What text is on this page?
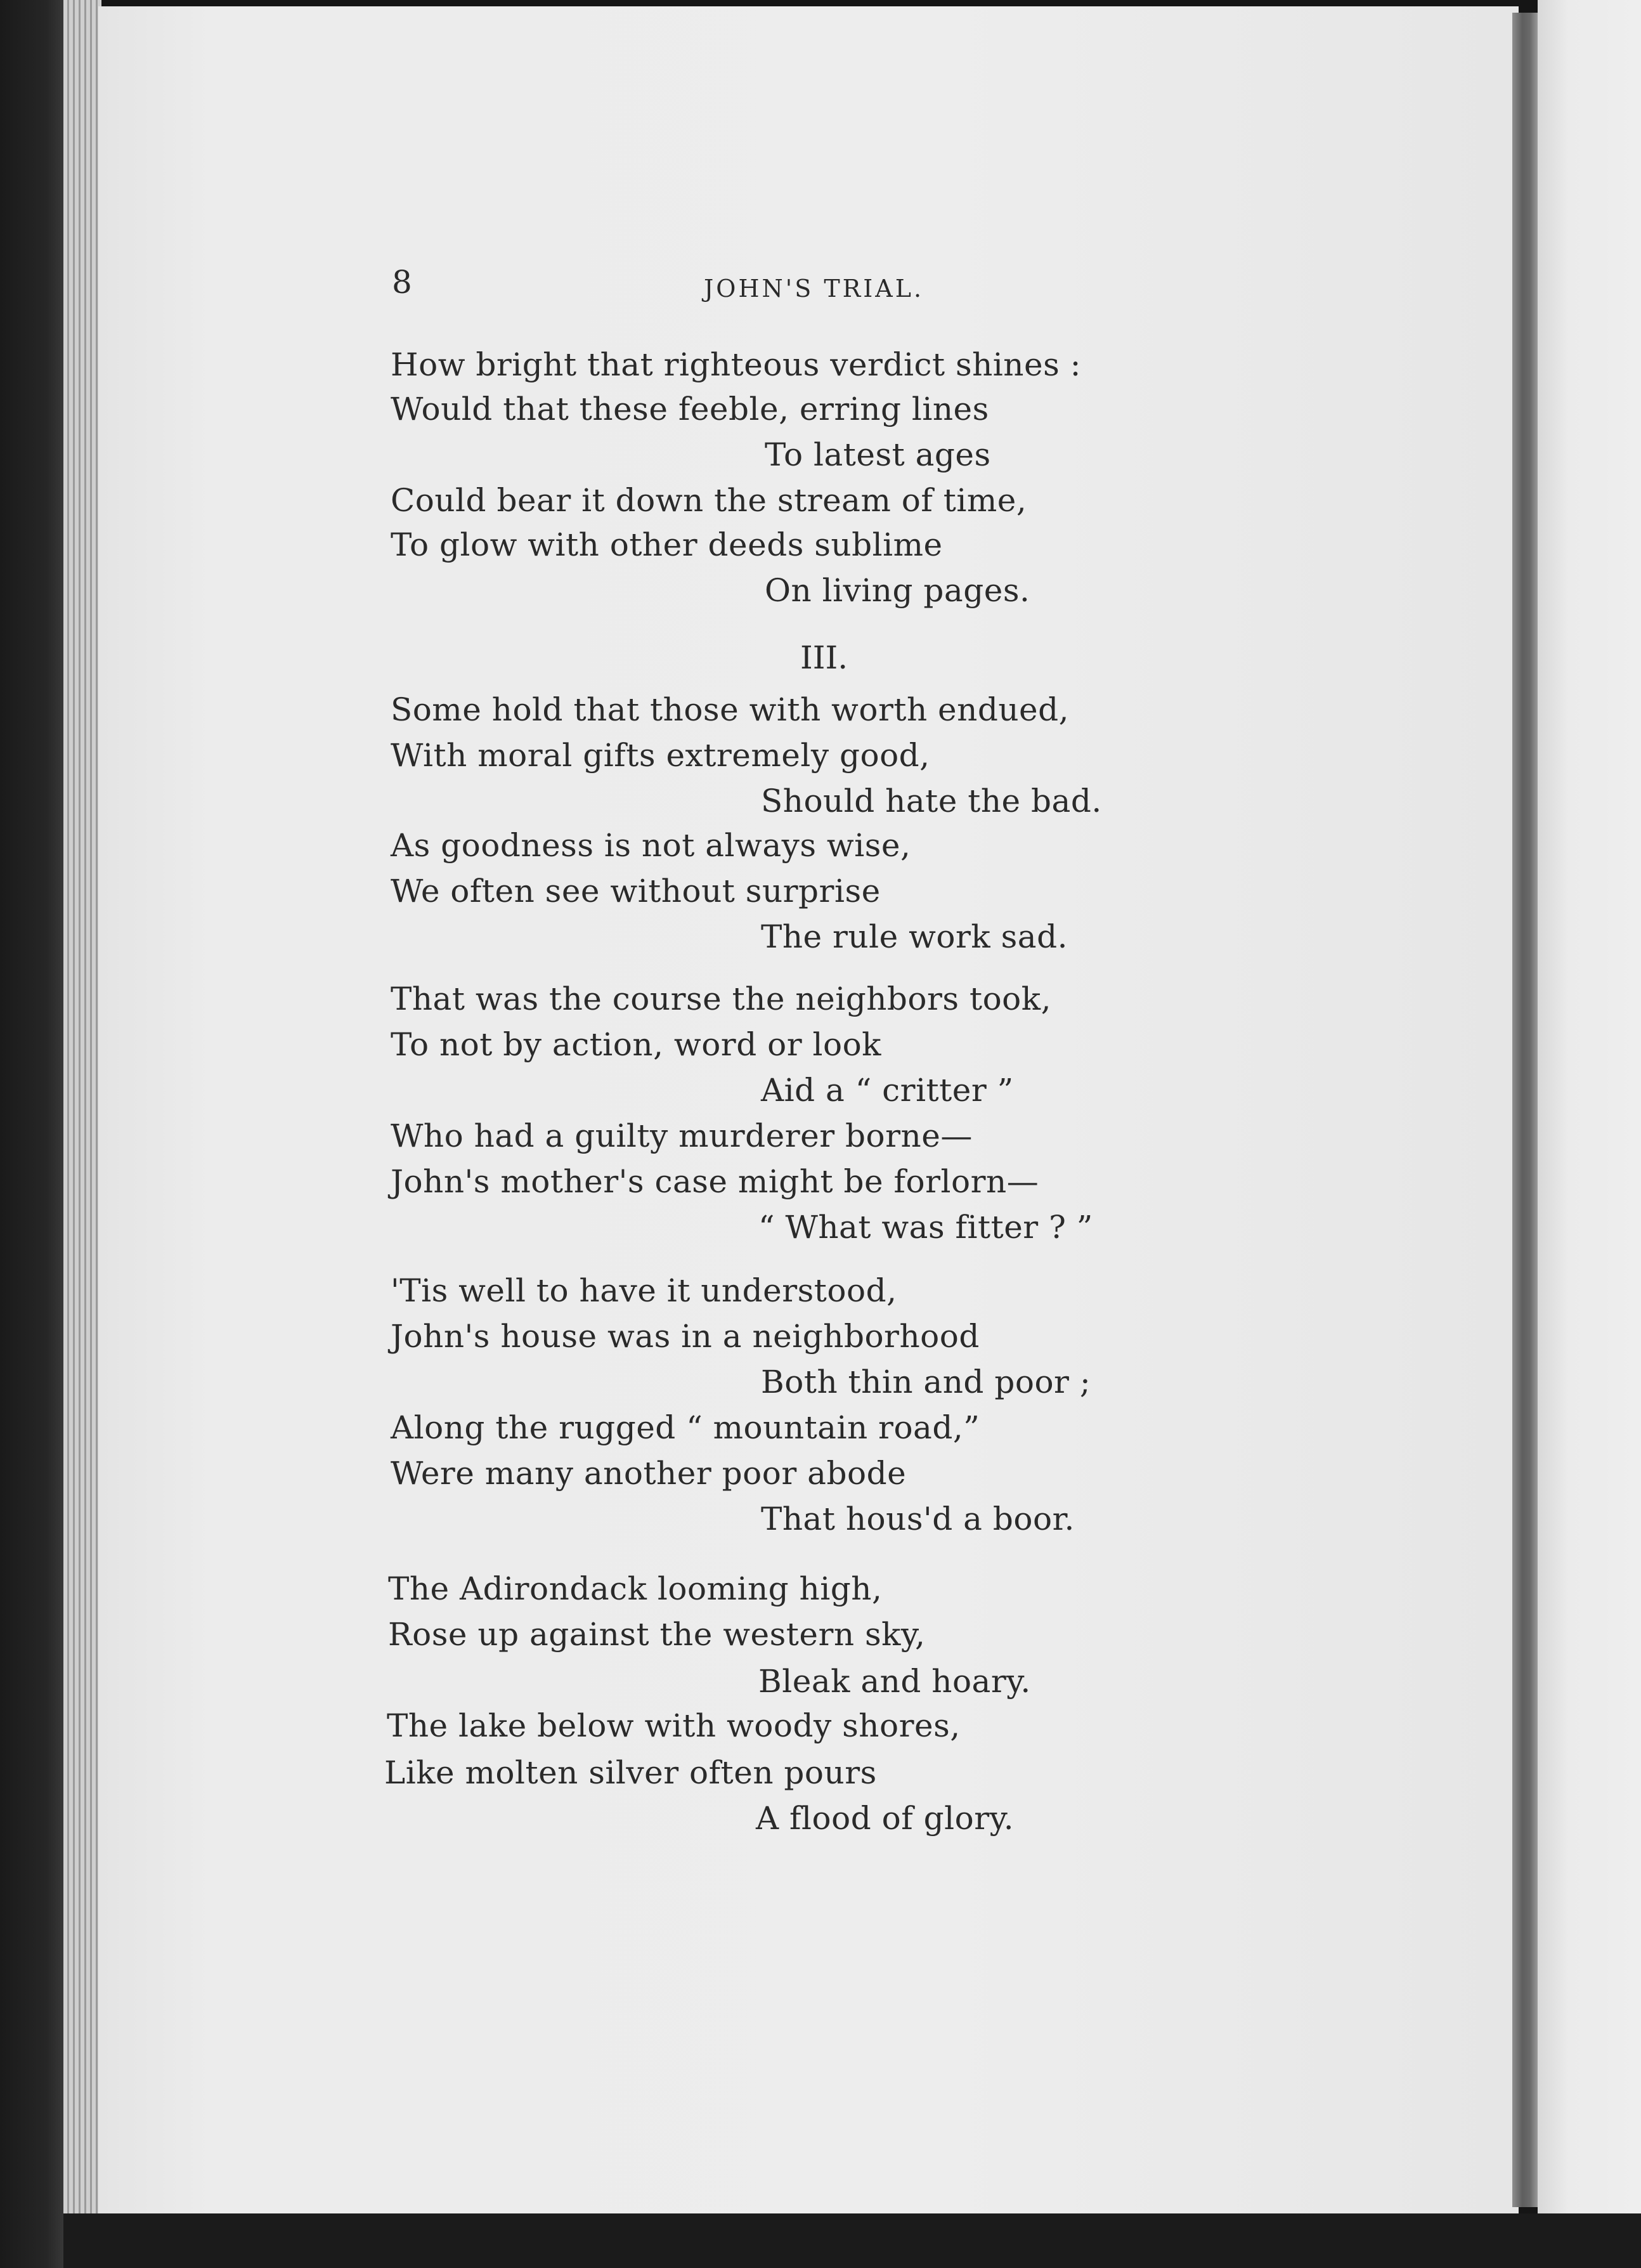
8	JOHN'S TRIAL.
How bright that righteous verdict shines :
Would that these feeble, erring lines
To latest ages
Could bear it down the stream of time,
To glow with other deeds sublime
On living pages.
III.
Some hold that those with worth endued,
With moral gifts extremely good,
Should hate the bad.
As goodness is not always wise,
We often see without surprise
The rule work sad.
That was the course the neighbors took,
To not by action, word or look
Aid a “ critter ”
Who had a guilty murderer borne—
John's mother's case might be forlorn—
“ What was fitter ? ”
'Tis well to have it understood,
John's house was in a neighborhood
Both thin and poor ;
Along the rugged “ mountain road,”
Were many another poor abode
That hous'd a boor.
The Adirondack looming high,
Rose up against the western sky,
Bleak and hoary.
The lake below with woody shores,
Like molten silver often pours
A flood of glory.
